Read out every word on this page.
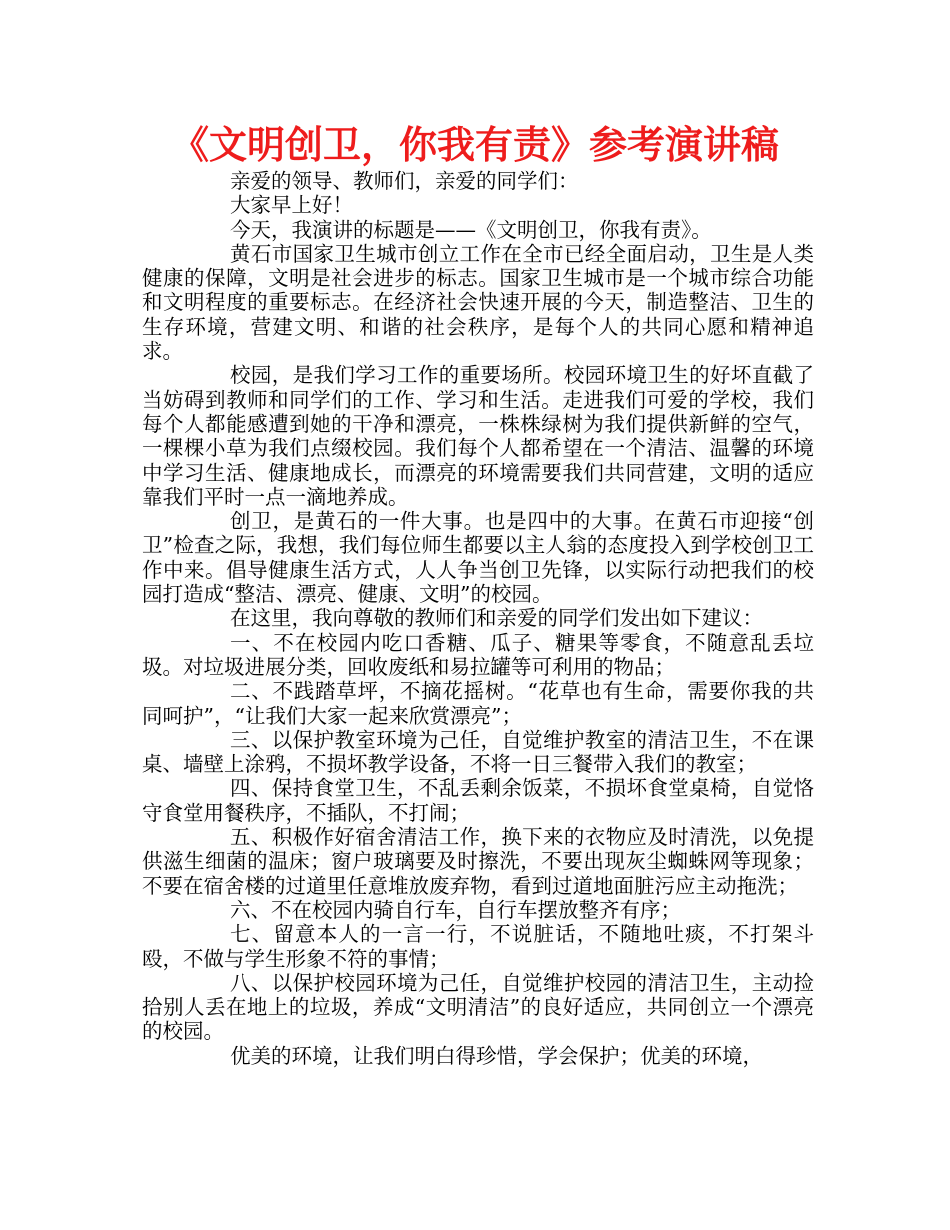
《文明创卫，你我有责》参考演讲稿

亲爱的领导、教师们，亲爱的同学们：

大家早上好！

今天，我演讲的标题是——《文明创卫，你我有责》。

黄石市国家卫生城市创立工作在全市已经全面启动，卫生是人类健康的保障，文明是社会进步的标志。国家卫生城市是一个城市综合功能和文明程度的重要标志。在经济社会快速开展的今天，制造整洁、卫生的生存环境，营建文明、和谐的社会秩序，是每个人的共同心愿和精神追求。

校园，是我们学习工作的重要场所。校园环境卫生的好坏直截了当妨碍到教师和同学们的工作、学习和生活。走进我们可爱的学校，我们每个人都能感遭到她的干净和漂亮，一株株绿树为我们提供新鲜的空气，一棵棵小草为我们点缀校园。我们每个人都希望在一个清洁、温馨的环境中学习生活、健康地成长，而漂亮的环境需要我们共同营建，文明的适应靠我们平时一点一滴地养成。

创卫，是黄石的一件大事。也是四中的大事。在黄石市迎接“创卫”检查之际，我想，我们每位师生都要以主人翁的态度投入到学校创卫工作中来。倡导健康生活方式，人人争当创卫先锋，以实际行动把我们的校园打造成“整洁、漂亮、健康、文明”的校园。

在这里，我向尊敬的教师们和亲爱的同学们发出如下建议：

一、不在校园内吃口香糖、瓜子、糖果等零食，不随意乱丢垃圾。对垃圾进展分类，回收废纸和易拉罐等可利用的物品；

二、不践踏草坪，不摘花摇树。“花草也有生命，需要你我的共同呵护”，“让我们大家一起来欣赏漂亮”；

三、以保护教室环境为己任，自觉维护教室的清洁卫生，不在课桌、墙壁上涂鸦，不损坏教学设备，不将一日三餐带入我们的教室；

四、保持食堂卫生，不乱丢剩余饭菜，不损坏食堂桌椅，自觉恪守食堂用餐秩序，不插队，不打闹；

五、积极作好宿舍清洁工作，换下来的衣物应及时清洗，以免提供滋生细菌的温床；窗户玻璃要及时擦洗，不要出现灰尘蜘蛛网等现象；不要在宿舍楼的过道里任意堆放废弃物，看到过道地面脏污应主动拖洗；

六、不在校园内骑自行车，自行车摆放整齐有序；

七、留意本人的一言一行，不说脏话，不随地吐痰，不打架斗殴，不做与学生形象不符的事情；

八、以保护校园环境为己任，自觉维护校园的清洁卫生，主动捡拾别人丢在地上的垃圾，养成“文明清洁”的良好适应，共同创立一个漂亮的校园。

优美的环境，让我们明白得珍惜，学会保护；优美的环境，
